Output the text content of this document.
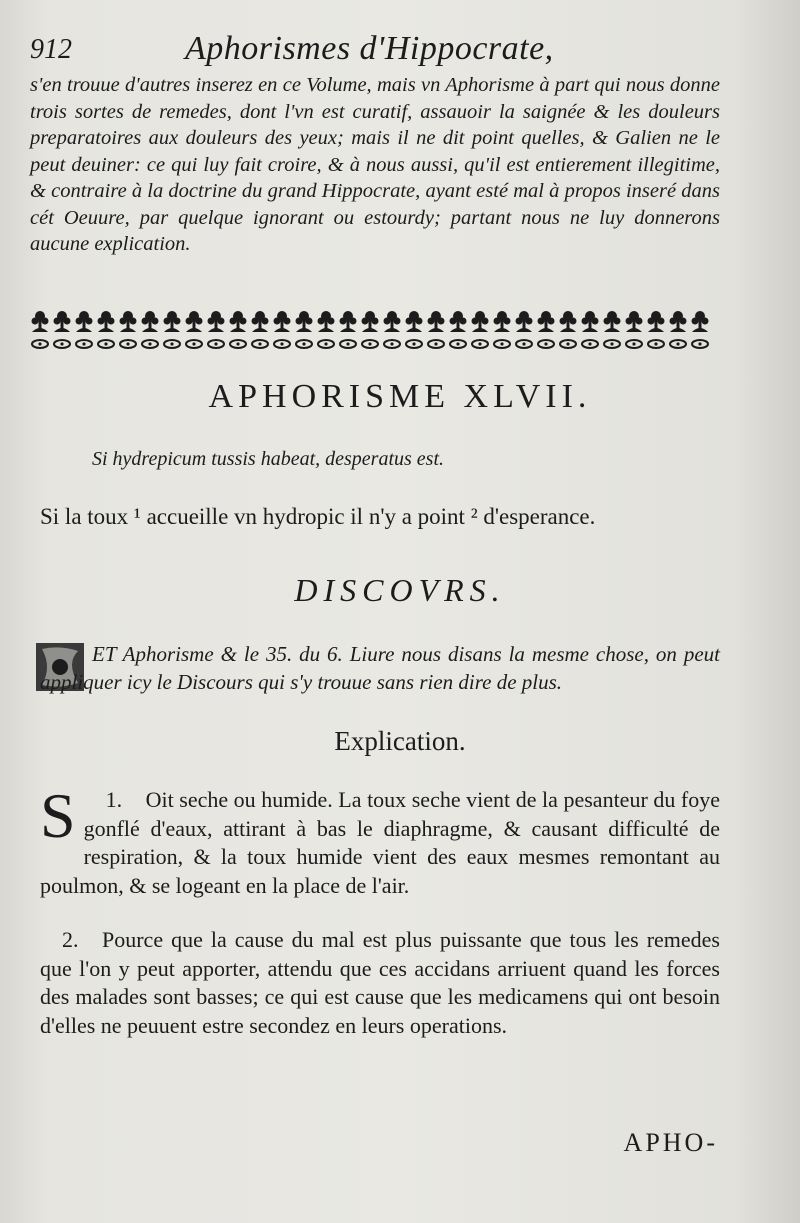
912	Aphorismes d'Hippocrate,

s'en trouue d'autres inserez en ce Volume, mais vn Aphorisme à part qui nous donne trois sortes de remedes, dont l'vn est curatif, assauoir la saignée & les douleurs preparatoires aux douleurs des yeux; mais il ne dit point quelles, & Galien ne le peut deuiner: ce qui luy fait croire, & à nous aussi, qu'il est entierement illegitime, & contraire à la doctrine du grand Hippocrate, ayant esté mal à propos inseré dans cét Oeuure, par quelque ignorant ou estourdy; partant nous ne luy donnerons aucune explication.

APHORISME XLVII.
Si hydrepicum tussis habeat, desperatus est.
Si la toux ¹ accueille vn hydropic il n'y a point ² d'esperance.
DISCOVRS.

ET Aphorisme & le 35. du 6. Liure nous disans la mesme chose, on peut appliquer icy le Discours qui s'y trouue sans rien dire de plus.

Explication.
1.
S	Oit seche ou humide. La toux seche vient de la pesanteur du foye gonflé d'eaux, attirant à bas le diaphragme, & causant difficulté de respiration, & la toux humide vient des eaux mesmes remontant au poulmon, & se logeant en la place de l'air.
2. Pource que la cause du mal est plus puissante que tous les remedes que l'on y peut apporter, attendu que ces accidans arriuent quand les forces des malades sont basses; ce qui est cause que les medicamens qui ont besoin d'elles ne peuuent estre secondez en leurs operations.
APHO-
